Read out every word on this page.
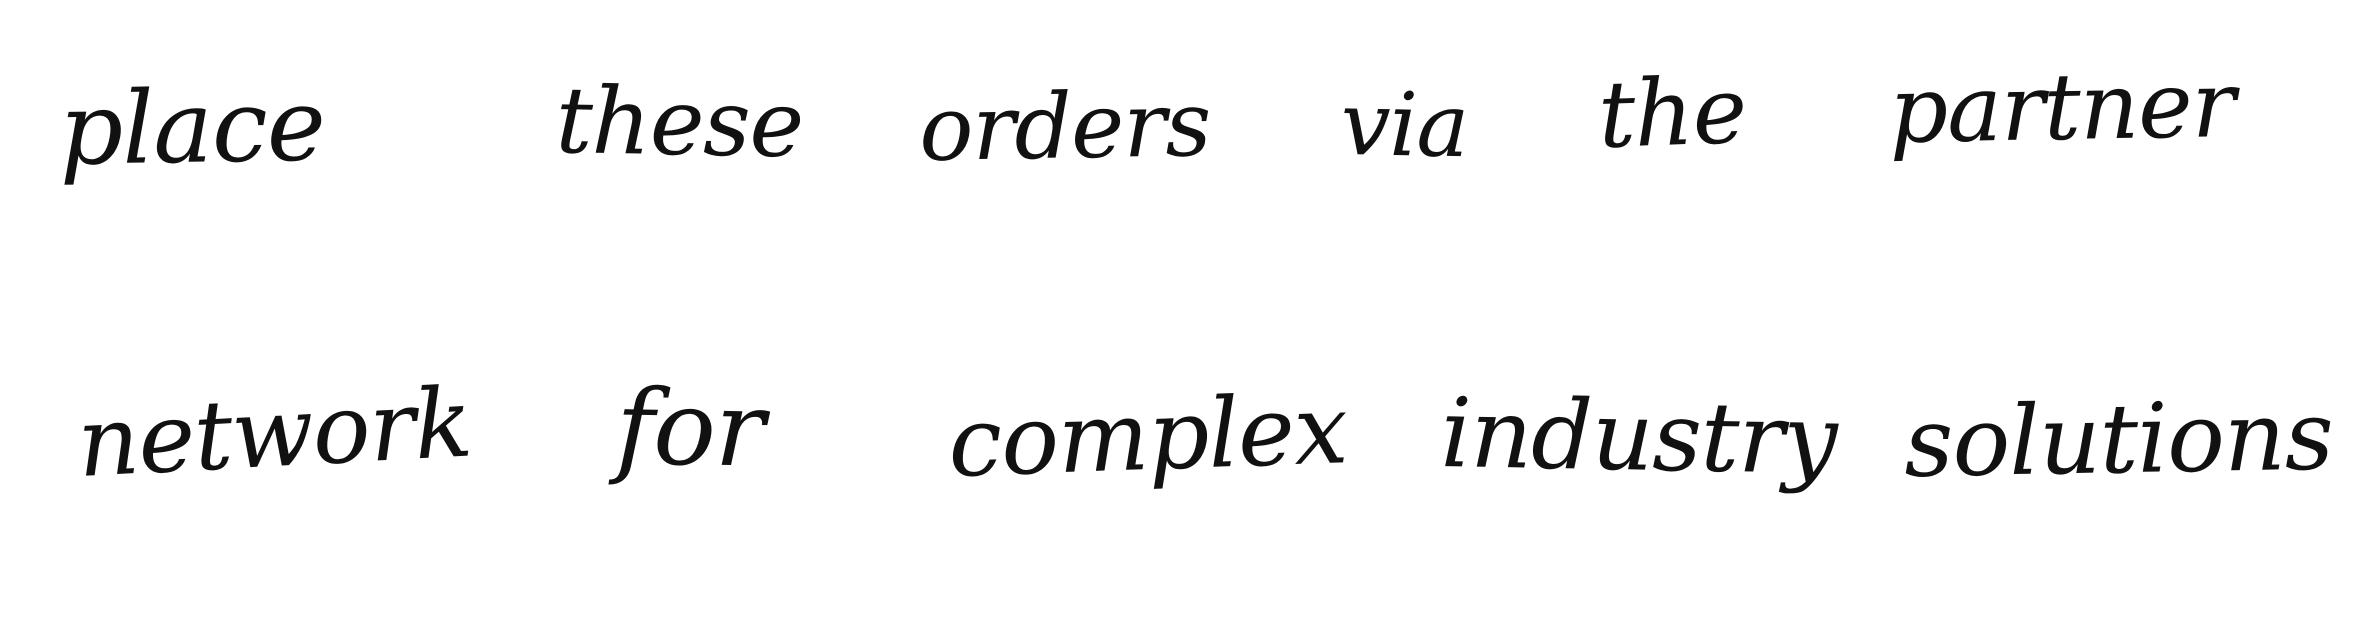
place these orders via the partner
network for complex industry solutions
